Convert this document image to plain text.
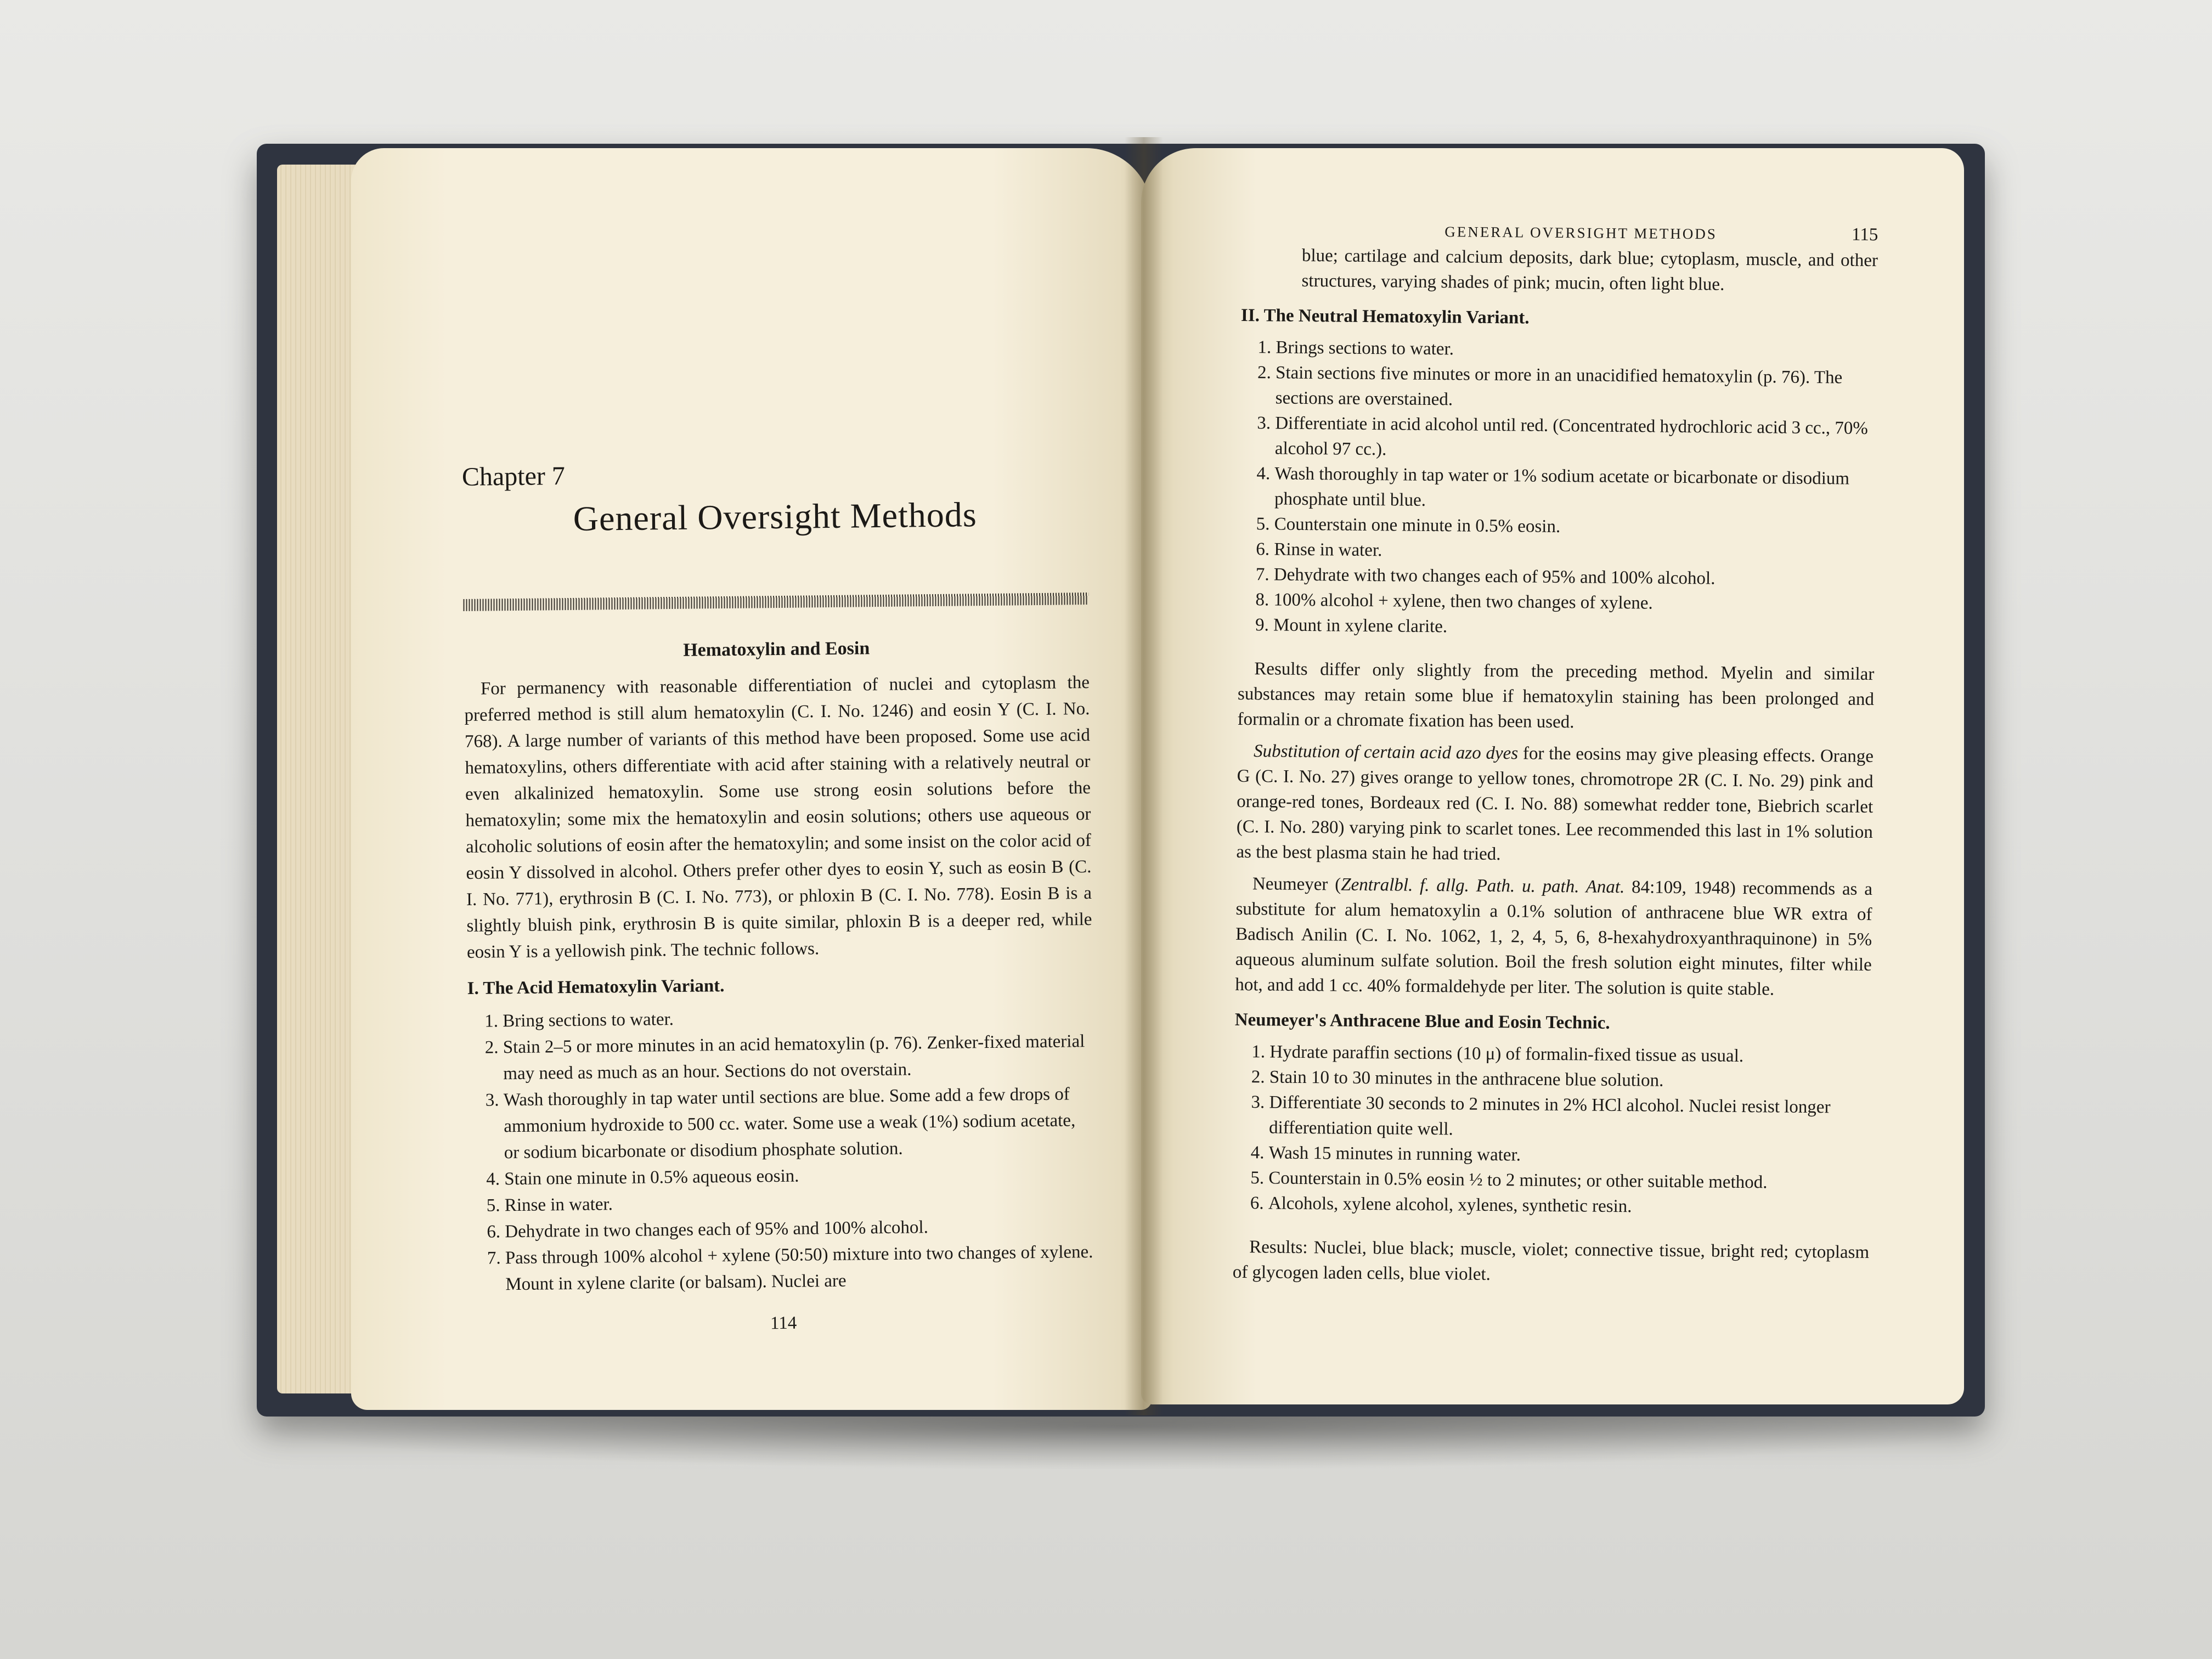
Chapter 7
General Oversight Methods
Hematoxylin and Eosin

For permanency with reasonable differentiation of nuclei and cytoplasm the preferred method is still alum hematoxylin (C. I. No. 1246) and eosin Y (C. I. No. 768). A large number of variants of this method have been proposed. Some use acid hematoxylins, others differentiate with acid after staining with a relatively neutral or even alkalinized hematoxylin. Some use strong eosin solutions before the hematoxylin; some mix the hematoxylin and eosin solutions; others use aqueous or alcoholic solutions of eosin after the hematoxylin; and some insist on the color acid of eosin Y dissolved in alcohol. Others prefer other dyes to eosin Y, such as eosin B (C. I. No. 771), erythrosin B (C. I. No. 773), or phloxin B (C. I. No. 778). Eosin B is a slightly bluish pink, erythrosin B is quite similar, phloxin B is a deeper red, while eosin Y is a yellowish pink. The technic follows.

I. The Acid Hematoxylin Variant.
1. Bring sections to water.
2. Stain 2–5 or more minutes in an acid hematoxylin (p. 76). Zenker-fixed material may need as much as an hour. Sections do not overstain.
3. Wash thoroughly in tap water until sections are blue. Some add a few drops of ammonium hydroxide to 500 cc. water. Some use a weak (1%) sodium acetate, or sodium bicarbonate or disodium phosphate solution.
4. Stain one minute in 0.5% aqueous eosin.
5. Rinse in water.
6. Dehydrate in two changes each of 95% and 100% alcohol.
7. Pass through 100% alcohol + xylene (50:50) mixture into two changes of xylene. Mount in xylene clarite (or balsam). Nuclei are
114
GENERAL OVERSIGHT METHODS	115

blue; cartilage and calcium deposits, dark blue; cytoplasm, muscle, and other structures, varying shades of pink; mucin, often light blue.

II. The Neutral Hematoxylin Variant.
1. Brings sections to water.
2. Stain sections five minutes or more in an unacidified hematoxylin (p. 76). The sections are overstained.
3. Differentiate in acid alcohol until red. (Concentrated hydrochloric acid 3 cc., 70% alcohol 97 cc.).
4. Wash thoroughly in tap water or 1% sodium acetate or bicarbonate or disodium phosphate until blue.
5. Counterstain one minute in 0.5% eosin.
6. Rinse in water.
7. Dehydrate with two changes each of 95% and 100% alcohol.
8. 100% alcohol + xylene, then two changes of xylene.
9. Mount in xylene clarite.

Results differ only slightly from the preceding method. Myelin and similar substances may retain some blue if hematoxylin staining has been prolonged and formalin or a chromate fixation has been used.

Substitution of certain acid azo dyes for the eosins may give pleasing effects. Orange G (C. I. No. 27) gives orange to yellow tones, chromotrope 2R (C. I. No. 29) pink and orange-red tones, Bordeaux red (C. I. No. 88) somewhat redder tone, Biebrich scarlet (C. I. No. 280) varying pink to scarlet tones. Lee recommended this last in 1% solution as the best plasma stain he had tried.

Neumeyer (Zentralbl. f. allg. Path. u. path. Anat. 84:109, 1948) recommends as a substitute for alum hematoxylin a 0.1% solution of anthracene blue WR extra of Badisch Anilin (C. I. No. 1062, 1, 2, 4, 5, 6, 8-hexahydroxyanthraquinone) in 5% aqueous aluminum sulfate solution. Boil the fresh solution eight minutes, filter while hot, and add 1 cc. 40% formaldehyde per liter. The solution is quite stable.

Neumeyer's Anthracene Blue and Eosin Technic.
1. Hydrate paraffin sections (10 μ) of formalin-fixed tissue as usual.
2. Stain 10 to 30 minutes in the anthracene blue solution.
3. Differentiate 30 seconds to 2 minutes in 2% HCl alcohol. Nuclei resist longer differentiation quite well.
4. Wash 15 minutes in running water.
5. Counterstain in 0.5% eosin ½ to 2 minutes; or other suitable method.
6. Alcohols, xylene alcohol, xylenes, synthetic resin.

Results: Nuclei, blue black; muscle, violet; connective tissue, bright red; cytoplasm of glycogen laden cells, blue violet.
